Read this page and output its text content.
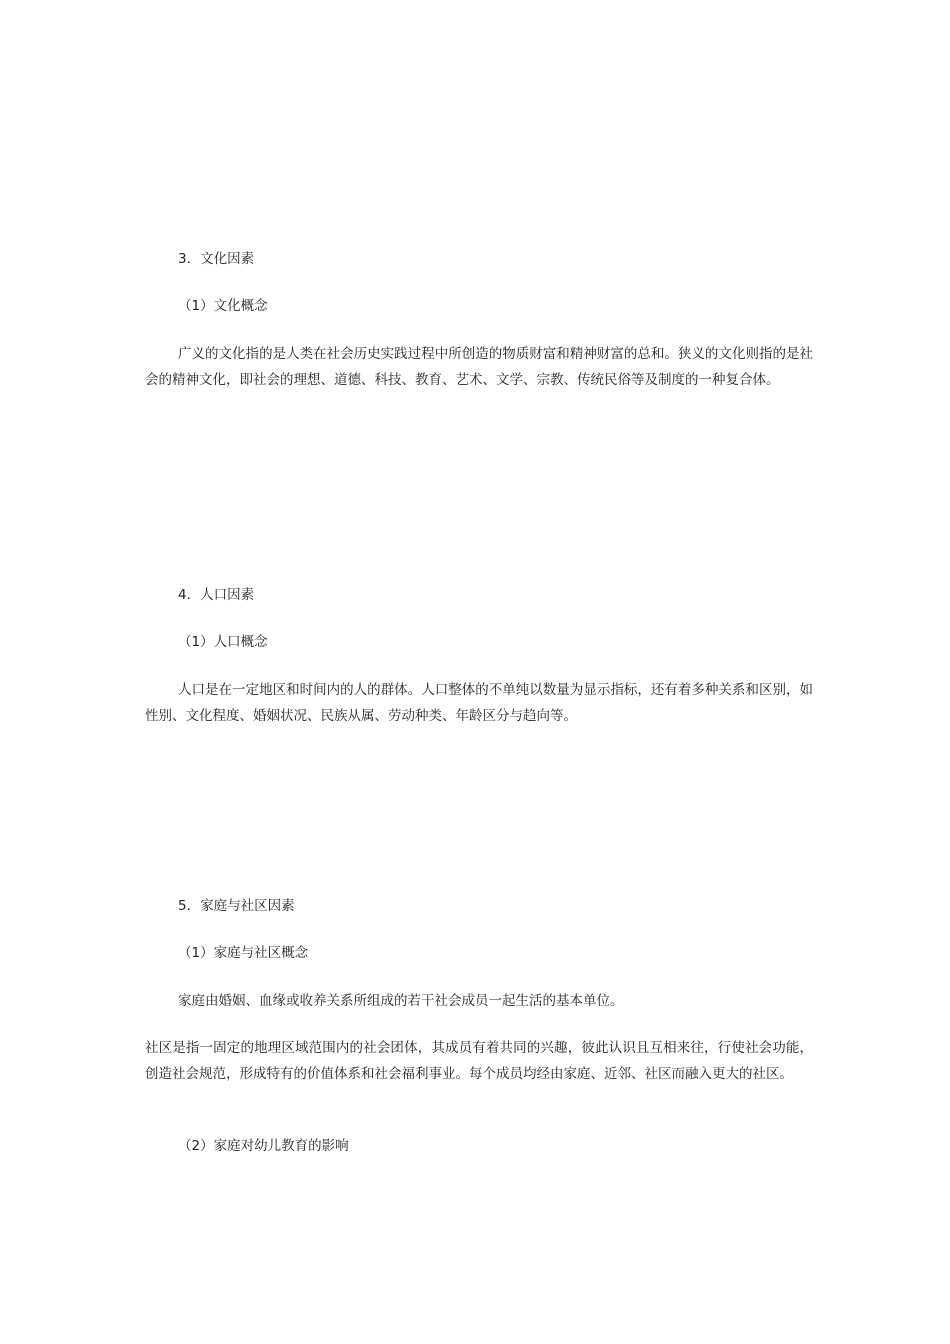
3．文化因素
（1）文化概念
广义的文化指的是人类在社会历史实践过程中所创造的物质财富和精神财富的总和。狭义的文化则指的是社会的精神文化，即社会的理想、道德、科技、教育、艺术、文学、宗教、传统民俗等及制度的一种复合体。
4．人口因素
（1）人口概念
人口是在一定地区和时间内的人的群体。人口整体的不单纯以数量为显示指标，还有着多种关系和区别，如性别、文化程度、婚姻状况、民族从属、劳动种类、年龄区分与趋向等。
5．家庭与社区因素
（1）家庭与社区概念
家庭由婚姻、血缘或收养关系所组成的若干社会成员一起生活的基本单位。
社区是指一固定的地理区域范围内的社会团体，其成员有着共同的兴趣，彼此认识且互相来往，行使社会功能，创造社会规范，形成特有的价值体系和社会福利事业。每个成员均经由家庭、近邻、社区而融入更大的社区。
（2）家庭对幼儿教育的影响
